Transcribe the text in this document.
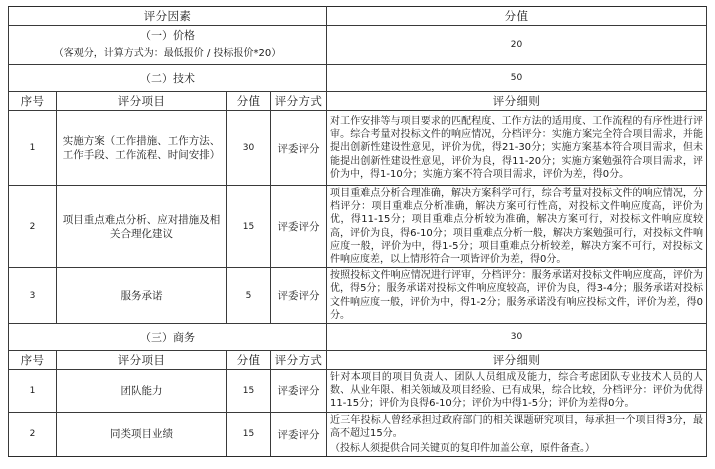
评分因素				分值

（一）价格
（客观分，计算方式为：最低报价 / 投标报价*20）				20
（二）技术				50
序号	评分项目	分值	评分方式	评分细则
1	实施方案（工作措施、工作方法、工作手段、工作流程、时间安排）	30	评委评分	对工作安排等与项目要求的匹配程度、工作方法的适用度、工作流程的有序性进行评审。综合考量对投标文件的响应情况，分档评分：实施方案完全符合项目需求，并能提出创新性建设性意见，评价为优，得21-30分；实施方案基本符合项目需求，但未能提出创新性建设性意见，评价为良，得11-20分；实施方案勉强符合项目需求，评价为中，得1-10分；实施方案不符合项目需求，评价为差，得0分。

2	项目重点难点分析、应对措施及相关合理化建议	15	评委评分	项目重难点分析合理准确，解决方案科学可行，综合考量对投标文件的响应情况，分档评分：项目重难点分析准确，解决方案可行性高，对投标文件响应度高，评价为优，得11-15分；项目重难点分析较为准确，解决方案可行，对投标文件响应度较高，评价为良，得6-10分；项目重难点分析一般，解决方案勉强可行，对投标文件响应度一般，评价为中，得1-5分；项目重难点分析较差，解决方案不可行，对投标文件响应度差，以上情形符合一项皆评价为差，得0分。

3	服务承诺	5	评委评分	按照投标文件响应情况进行评审，分档评分：服务承诺对投标文件响应度高，评价为优，得5分；服务承诺对投标文件响应度较高，评价为良，得3-4分；服务承诺对投标文件响应度一般，评价为中，得1-2分；服务承诺没有响应投标文件，评价为差，得0分。

（三）商务				30
序号	评分项目	分值	评分方式	评分细则
1	团队能力	15	评委评分	针对本项目的项目负责人、团队人员组成及能力，综合考虑团队专业技术人员的人数、从业年限、相关领域及项目经验、已有成果，综合比较，分档评分：评价为优得11-15分；评价为良得6-10分；评价为中得1-5分；评价为差得0分。

2	同类项目业绩	15	评委评分	近三年投标人曾经承担过政府部门的相关课题研究项目，每承担一个项目得3分，最高不超过15分。

（投标人须提供合同关键页的复印件加盖公章，原件备查。）
